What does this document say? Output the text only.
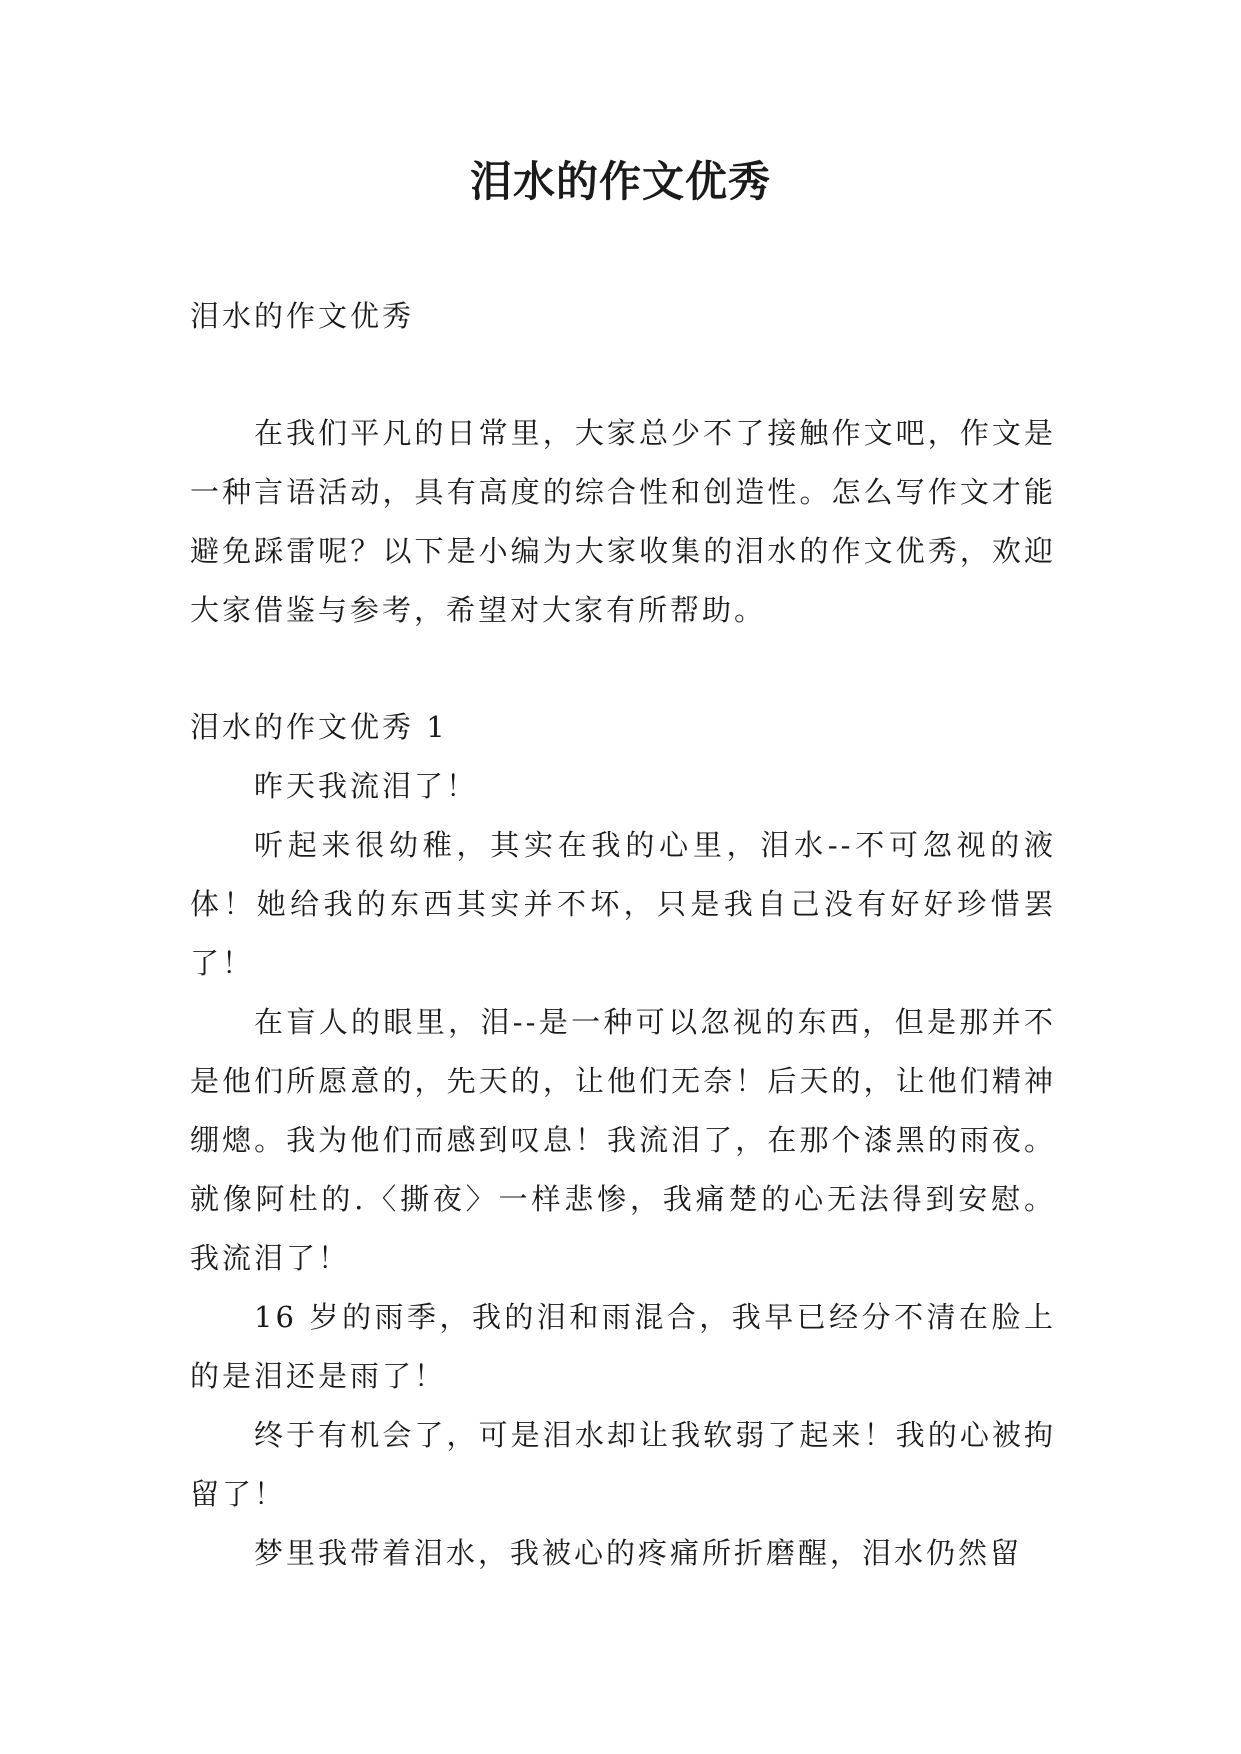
泪水的作文优秀

泪水的作文优秀

在我们平凡的日常里，大家总少不了接触作文吧，作文是一种言语活动，具有高度的综合性和创造性。怎么写作文才能避免踩雷呢？以下是小编为大家收集的泪水的作文优秀，欢迎大家借鉴与参考，希望对大家有所帮助。

泪水的作文优秀 1

昨天我流泪了！

听起来很幼稚，其实在我的心里，泪水--不可忽视的液体！她给我的东西其实并不坏，只是我自己没有好好珍惜罢了！

在盲人的眼里，泪--是一种可以忽视的东西，但是那并不是他们所愿意的，先天的，让他们无奈！后天的，让他们精神绷熜。我为他们而感到叹息！我流泪了，在那个漆黑的雨夜。就像阿杜的.〈撕夜〉一样悲惨，我痛楚的心无法得到安慰。我流泪了！

16 岁的雨季，我的泪和雨混合，我早已经分不清在脸上的是泪还是雨了！

终于有机会了，可是泪水却让我软弱了起来！我的心被拘留了！

梦里我带着泪水，我被心的疼痛所折磨醒，泪水仍然留
